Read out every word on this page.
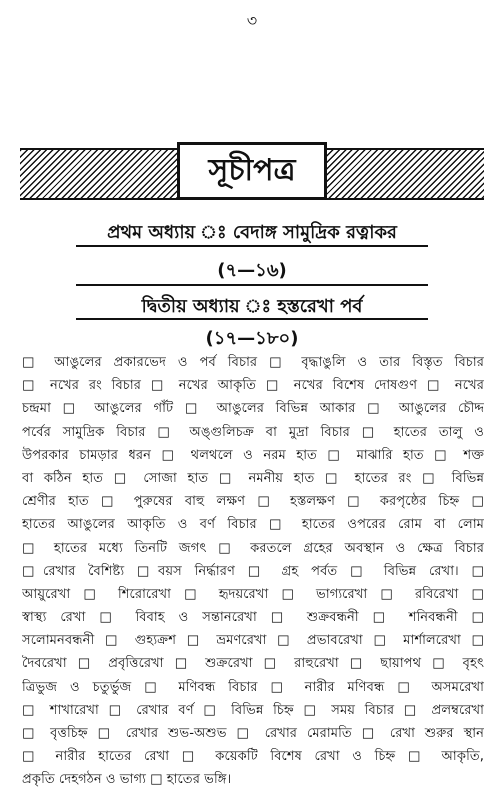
৩
সূচীপত্র
প্রথম অধ্যায় ঃ বেদাঙ্গ সামুদ্রিক রত্নাকর
(৭—১৬)
দ্বিতীয় অধ্যায় ঃ হস্তরেখা পর্ব
(১৭—১৮০)
□ আঙুলের প্রকারভেদ ও পর্ব বিচার □ বৃদ্ধাঙুলি ও তার বিস্তৃত বিচার
□ নখের রং বিচার □ নখের আকৃতি □ নখের বিশেষ দোষগুণ □ নখের
চন্দ্রমা □ আঙুলের গাঁট □ আঙুলের বিভিন্ন আকার □ আঙুলের চৌদ্দ
পর্বের সামুদ্রিক বিচার □ অঙ্গুলিচক্র বা মুদ্রা বিচার □ হাতের তালু ও
উপরকার চামড়ার ধরন □ থলথলে ও নরম হাত □ মাঝারি হাত □ শক্ত
বা কঠিন হাত □ সোজা হাত □ নমনীয় হাত □ হাতের রং □ বিভিন্ন
শ্রেণীর হাত □ পুরুষের বাহু লক্ষণ □ হস্তলক্ষণ □ করপৃষ্ঠের চিহ্ন □
হাতের আঙুলের আকৃতি ও বর্ণ বিচার □ হাতের ওপরের রোম বা লোম
□ হাতের মধ্যে তিনটি জগৎ □ করতলে গ্রহের অবস্থান ও ক্ষেত্র বিচার
□রেখার বৈশিষ্ট্য □বয়স নির্দ্ধারণ □ গ্রহ পর্বত □ বিভিন্ন রেখা। □
আয়ুরেখা □ শিরোরেখা □ হৃদয়রেখা □ ভাগ্যরেখা □ রবিরেখা □
স্বাস্থ্য রেখা □ বিবাহ ও সন্তানরেখা □ শুক্রবন্ধনী □ শনিবন্ধনী □
সলোমনবন্ধনী □ গুহ্যক্রশ □ ভ্রমণরেখা □ প্রভাবরেখা □ মার্শালরেখা □
দৈবরেখা □ প্রবৃত্তিরেখা □ শুক্ররেখা □ রাহুরেখা □ ছায়াপথ □ বৃহৎ
ত্রিভুজ ও চতুর্ভুজ □ মণিবন্ধ বিচার □ নারীর মণিবন্ধ □ অসমরেখা
□ শাখারেখা □ রেখার বর্ণ □ বিভিন্ন চিহ্ন □ সময় বিচার □ প্রলম্বরেখা
□ বৃত্তচিহ্ন □ রেখার শুভ-অশুভ □ রেখার মেরামতি □ রেখা শুরুর স্থান
□ নারীর হাতের রেখা □ কয়েকটি বিশেষ রেখা ও চিহ্ন □ আকৃতি,
প্রকৃতি দেহগঠন ও ভাগ্য □ হাতের ভঙ্গি।
